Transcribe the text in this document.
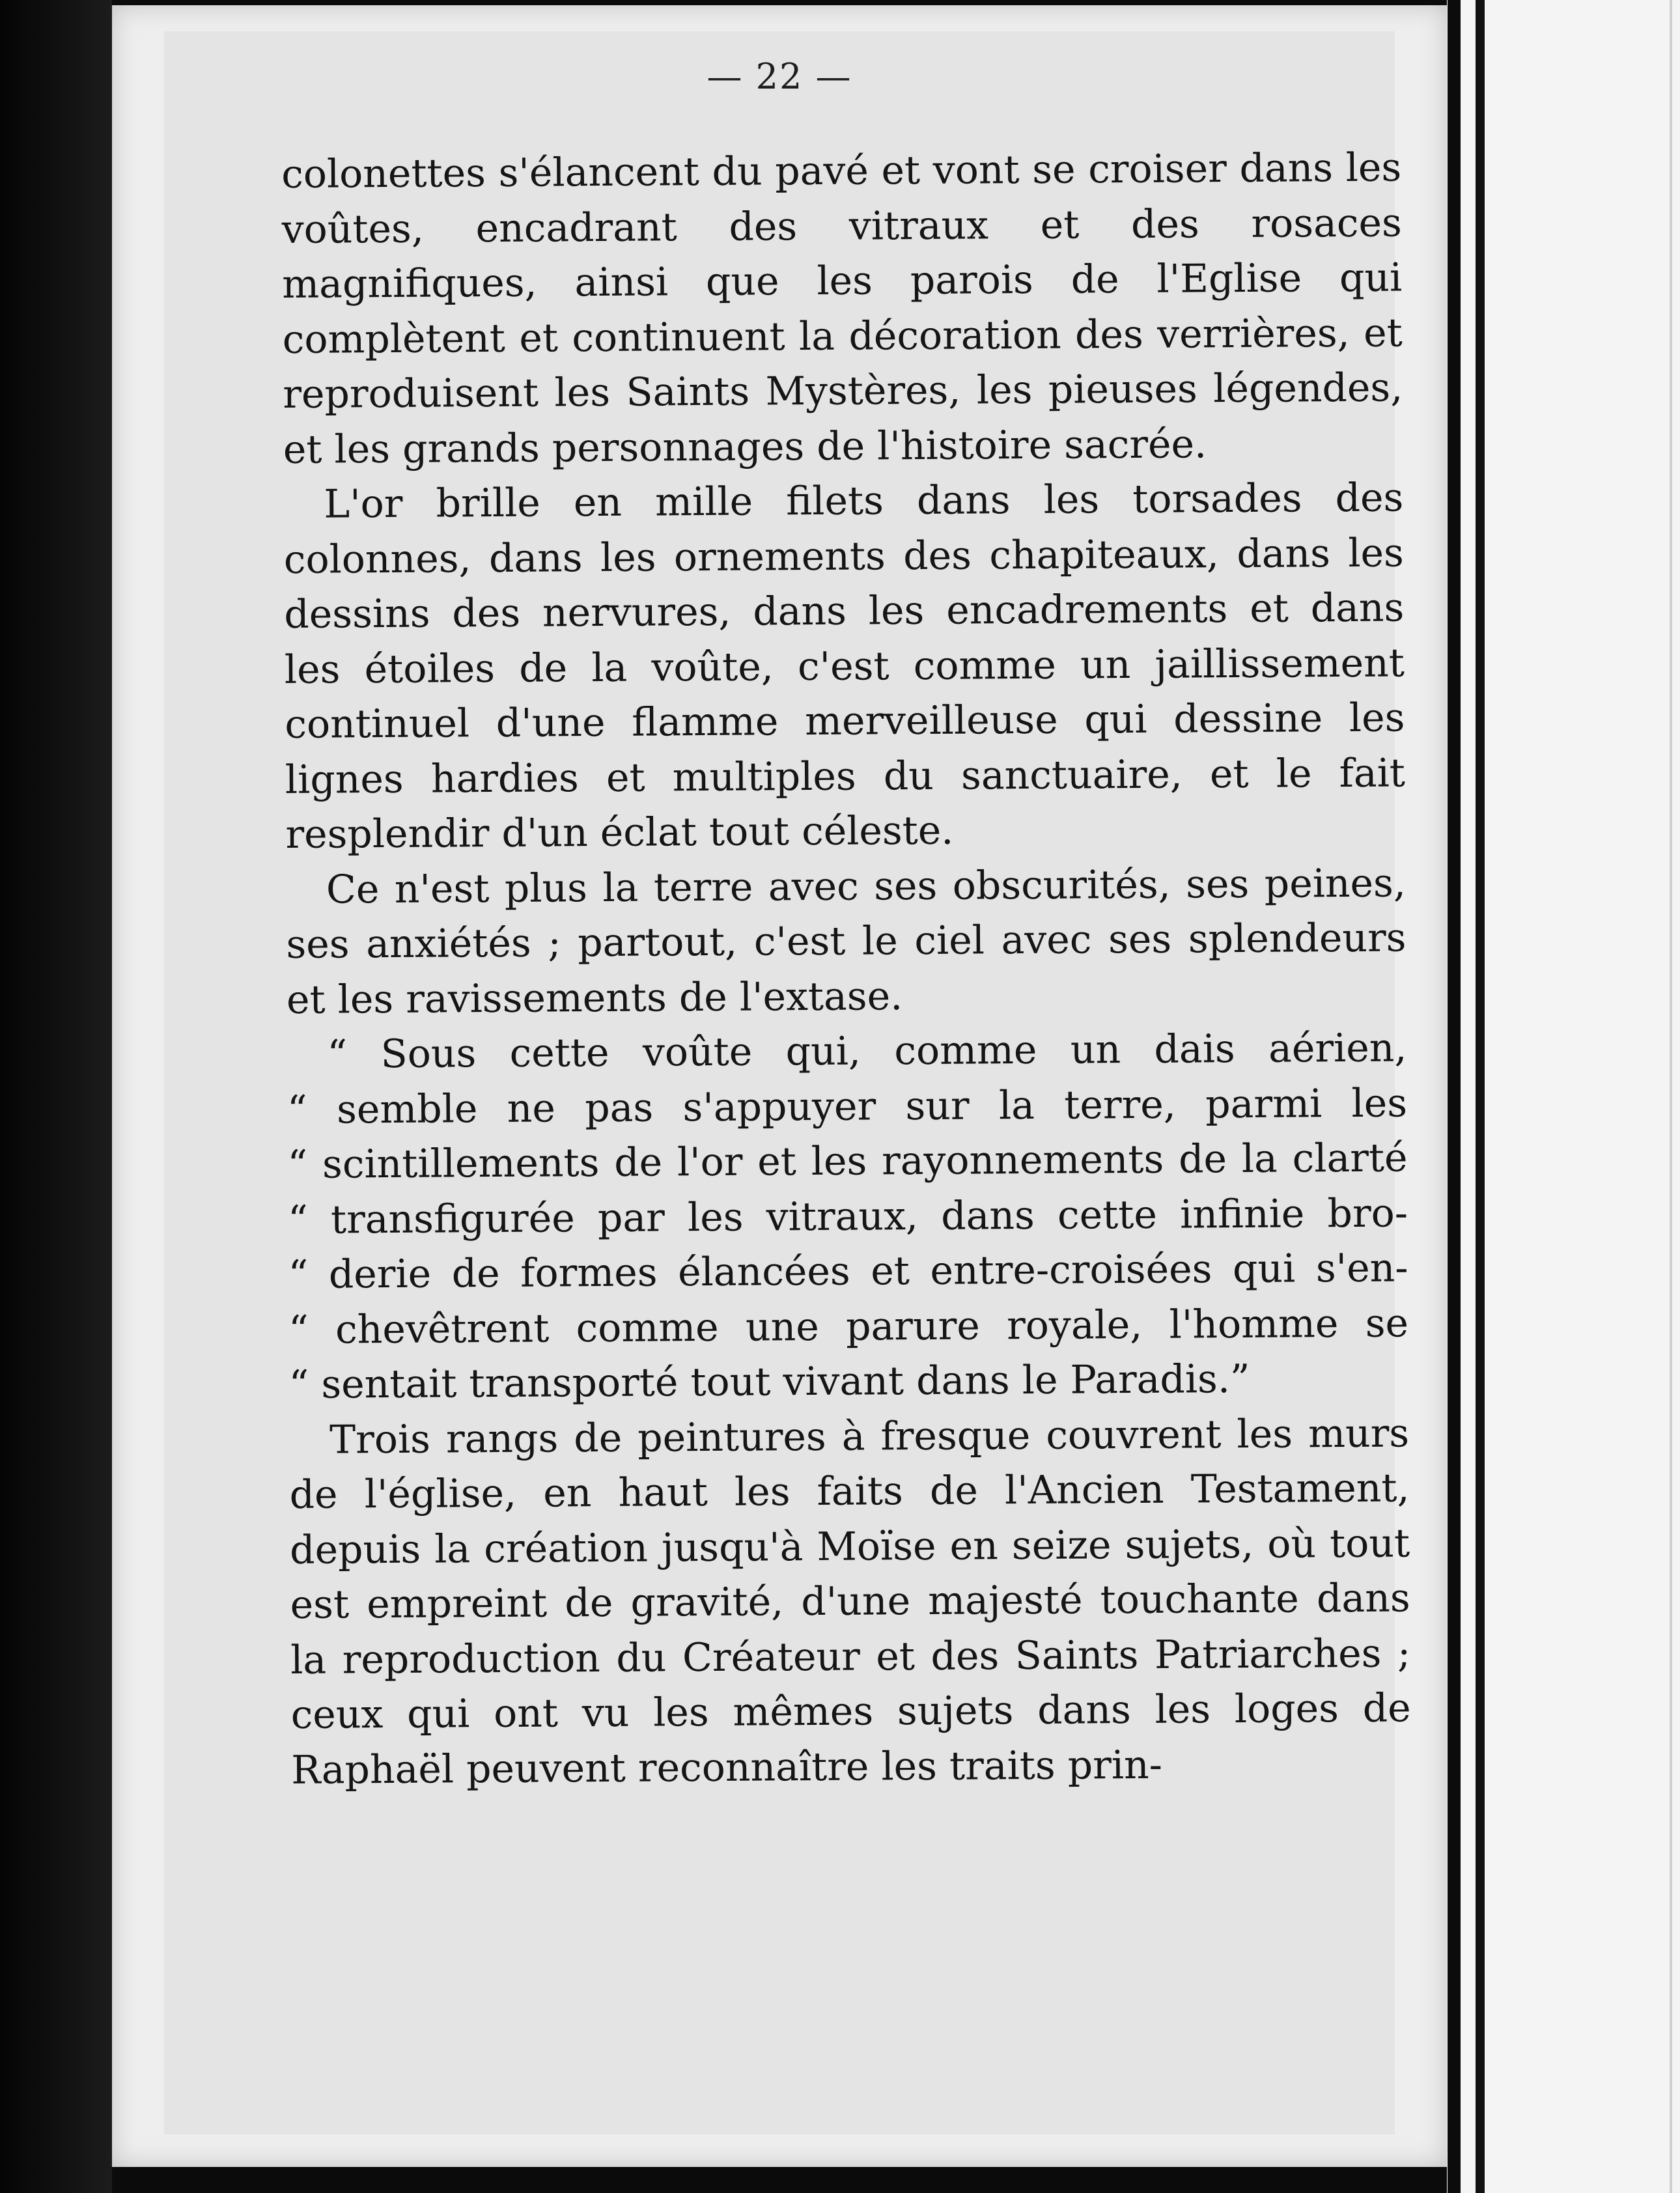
— 22 —

colonettes s'élancent du pavé et vont se croiser dans les voûtes, encadrant des vitraux et des rosaces magnifiques, ainsi que les parois de l'Eglise qui complètent et continuent la décoration des verrières, et reproduisent les Saints Mystères, les pieuses légendes, et les grands personnages de l'histoire sacrée.

L'or brille en mille filets dans les torsades des colonnes, dans les ornements des chapiteaux, dans les dessins des nervures, dans les encadrements et dans les étoiles de la voûte, c'est comme un jaillissement continuel d'une flamme merveilleuse qui dessine les lignes hardies et multiples du sanctuaire, et le fait resplendir d'un éclat tout céleste.

Ce n'est plus la terre avec ses obscurités, ses peines, ses anxiétés ; partout, c'est le ciel avec ses splendeurs et les ravissements de l'extase.

“ Sous cette voûte qui, comme un dais aérien,
“ semble ne pas s'appuyer sur la terre, parmi les
“ scintillements de l'or et les rayonnements de la clarté
“ transfigurée par les vitraux, dans cette infinie bro-
“ derie de formes élancées et entre-croisées qui s'en-
“ chevêtrent comme une parure royale, l'homme se
“ sentait transporté tout vivant dans le Paradis.”

Trois rangs de peintures à fresque couvrent les murs de l'église, en haut les faits de l'Ancien Testament, depuis la création jusqu'à Moïse en seize sujets, où tout est empreint de gravité, d'une majesté touchante dans la reproduction du Créateur et des Saints Patriarches ; ceux qui ont vu les mêmes sujets dans les loges de Raphaël peuvent reconnaître les traits prin-
